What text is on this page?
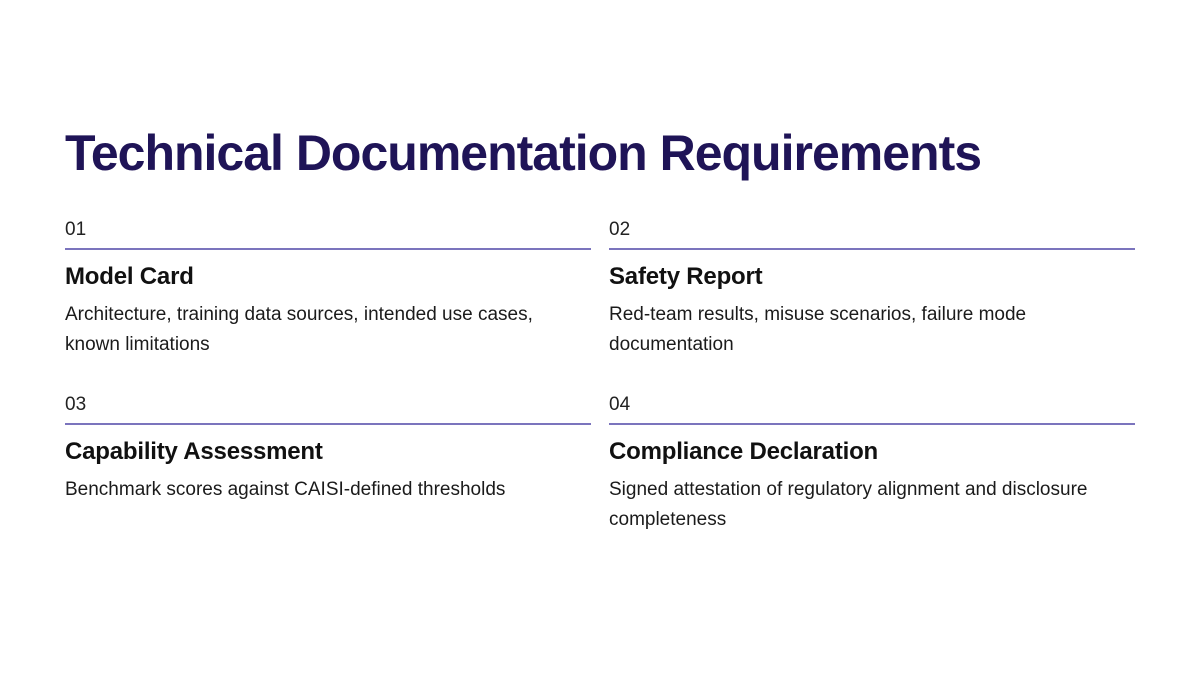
Technical Documentation Requirements
01
Model Card
Architecture, training data sources, intended use cases, known limitations
02
Safety Report
Red-team results, misuse scenarios, failure mode documentation
03
Capability Assessment
Benchmark scores against CAISI-defined thresholds
04
Compliance Declaration
Signed attestation of regulatory alignment and disclosure completeness
